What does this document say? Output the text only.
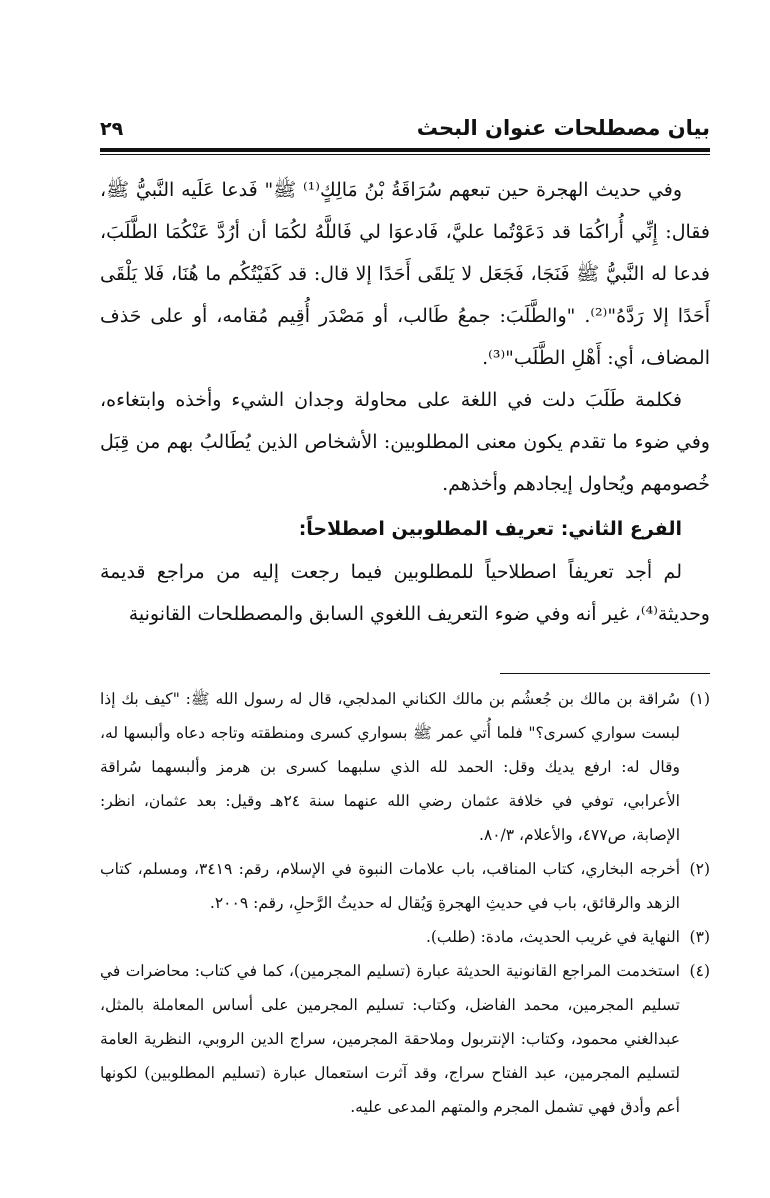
بيان مصطلحات عنوان البحث
٢٩

وفي حديث الهجرة حين تبعهم سُرَاقَةُ بْنُ مَالِكٍ⁽¹⁾ ﷺ" فَدعا عَلَيه النَّبيُّ ﷺ، فقال: إِنِّي أُراكُمَا قد دَعَوْتُما عليَّ، فَادعوَا لي فَاللَّهُ لكُمَا أن أرُدَّ عَنْكُمَا الطَّلَبَ، فدعا له النَّبيُّ ﷺ فَنَجَا، فَجَعَل لا يَلقَى أَحَدًا إلا قال: قد كَفَيْتُكُم ما هُنَا، فَلا يَلْقَى أَحَدًا إلا رَدَّهُ"⁽²⁾. "والطَّلَبَ: جمعُ طَالب، أو مَصْدَر أُقِيم مُقامه، أو على حَذف المضاف، أي: أَهْلِ الطَّلَب"⁽³⁾.

فكلمة طَلَبَ دلت في اللغة على محاولة وجدان الشيء وأخذه وابتغاءه، وفي ضوء ما تقدم يكون معنى المطلوبين: الأشخاص الذين يُطَالبُ بهم من قِبَل خُصومهم ويُحاول إيجادهم وأخذهم.

الفرع الثاني: تعريف المطلوبين اصطلاحاً:

لم أجد تعريفاً اصطلاحياً للمطلوبين فيما رجعت إليه من مراجع قديمة وحديثة⁽⁴⁾، غير أنه وفي ضوء التعريف اللغوي السابق والمصطلحات القانونية

(١)
سُراقة بن مالك بن جُعشُم بن مالك الكناني المدلجي، قال له رسول الله ﷺ: "كيف بك إذا لبست سواري كسرى؟" فلما أُتي عمر ﷺ بسواري كسرى ومنطقته وتاجه دعاه وألبسها له، وقال له: ارفع يديك وقل: الحمد لله الذي سلبهما كسرى بن هرمز وألبسهما سُراقة الأعرابي، توفي في خلافة عثمان رضي الله عنهما سنة ٢٤هـ وقيل: بعد عثمان، انظر: الإصابة، ص٤٧٧، والأعلام، ٨٠/٣.

(٢)
أخرجه البخاري، كتاب المناقب، باب علامات النبوة في الإسلام، رقم: ٣٤١٩، ومسلم، كتاب الزهد والرقائق، باب في حديثِ الهجرةِ وَيُقال له حديثُ الرَّحلِ، رقم: ٢٠٠٩.

(٣)
النهاية في غريب الحديث، مادة: (طلب).

(٤)
استخدمت المراجع القانونية الحديثة عبارة (تسليم المجرمين)، كما في كتاب: محاضرات في تسليم المجرمين، محمد الفاضل، وكتاب: تسليم المجرمين على أساس المعاملة بالمثل، عبدالغني محمود، وكتاب: الإنتربول وملاحقة المجرمين، سراج الدين الروبي، النظرية العامة لتسليم المجرمين، عبد الفتاح سراج، وقد آثرت استعمال عبارة (تسليم المطلوبين) لكونها أعم وأدق فهي تشمل المجرم والمتهم المدعى عليه.
